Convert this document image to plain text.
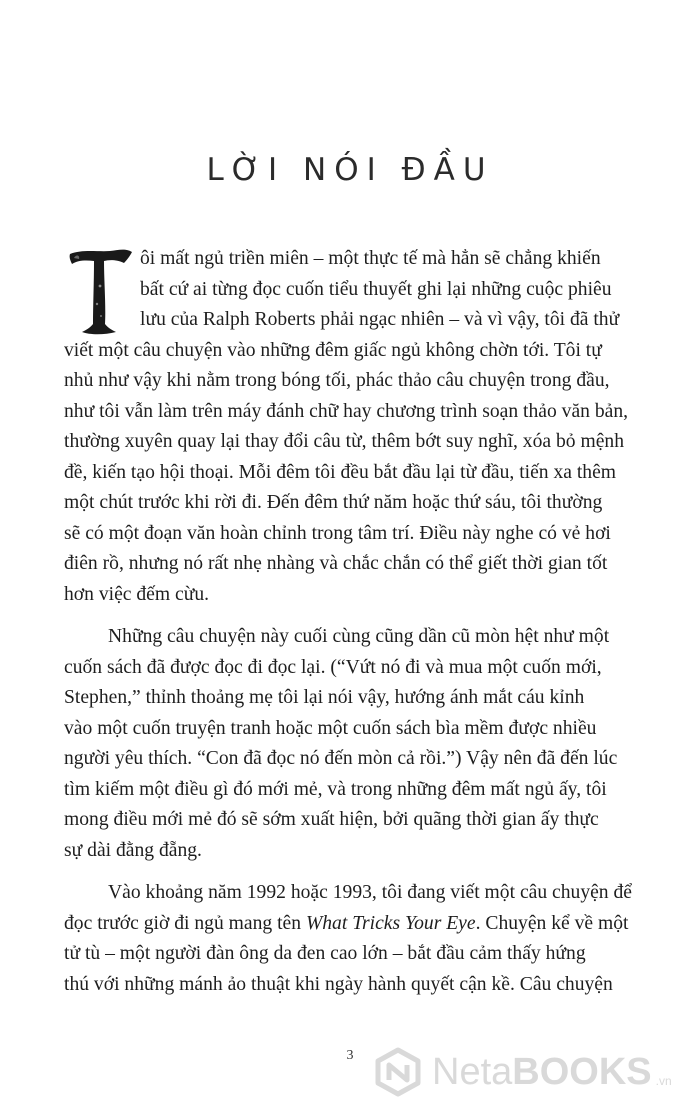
LỜI NÓI ĐẦU
T
ôi mất ngủ triền miên – một thực tế mà hẳn sẽ chẳng khiến
bất cứ ai từng đọc cuốn tiểu thuyết ghi lại những cuộc phiêu
lưu của Ralph Roberts phải ngạc nhiên – và vì vậy, tôi đã thử
viết một câu chuyện vào những đêm giấc ngủ không chờn tới. Tôi tự
nhủ như vậy khi nằm trong bóng tối, phác thảo câu chuyện trong đầu,
như tôi vẫn làm trên máy đánh chữ hay chương trình soạn thảo văn bản,
thường xuyên quay lại thay đổi câu từ, thêm bớt suy nghĩ, xóa bỏ mệnh
đề, kiến tạo hội thoại. Mỗi đêm tôi đều bắt đầu lại từ đầu, tiến xa thêm
một chút trước khi rời đi. Đến đêm thứ năm hoặc thứ sáu, tôi thường
sẽ có một đoạn văn hoàn chỉnh trong tâm trí. Điều này nghe có vẻ hơi
điên rồ, nhưng nó rất nhẹ nhàng và chắc chắn có thể giết thời gian tốt
hơn việc đếm cừu.
Những câu chuyện này cuối cùng cũng dần cũ mòn hệt như một
cuốn sách đã được đọc đi đọc lại. (“Vứt nó đi và mua một cuốn mới,
Stephen,” thỉnh thoảng mẹ tôi lại nói vậy, hướng ánh mắt cáu kỉnh
vào một cuốn truyện tranh hoặc một cuốn sách bìa mềm được nhiều
người yêu thích. “Con đã đọc nó đến mòn cả rồi.”) Vậy nên đã đến lúc
tìm kiếm một điều gì đó mới mẻ, và trong những đêm mất ngủ ấy, tôi
mong điều mới mẻ đó sẽ sớm xuất hiện, bởi quãng thời gian ấy thực
sự dài đằng đẵng.
Vào khoảng năm 1992 hoặc 1993, tôi đang viết một câu chuyện để
đọc trước giờ đi ngủ mang tên What Tricks Your Eye. Chuyện kể về một
tử tù – một người đàn ông da đen cao lớn – bắt đầu cảm thấy hứng
thú với những mánh ảo thuật khi ngày hành quyết cận kề. Câu chuyện
3	NetaBOOKS .vn
